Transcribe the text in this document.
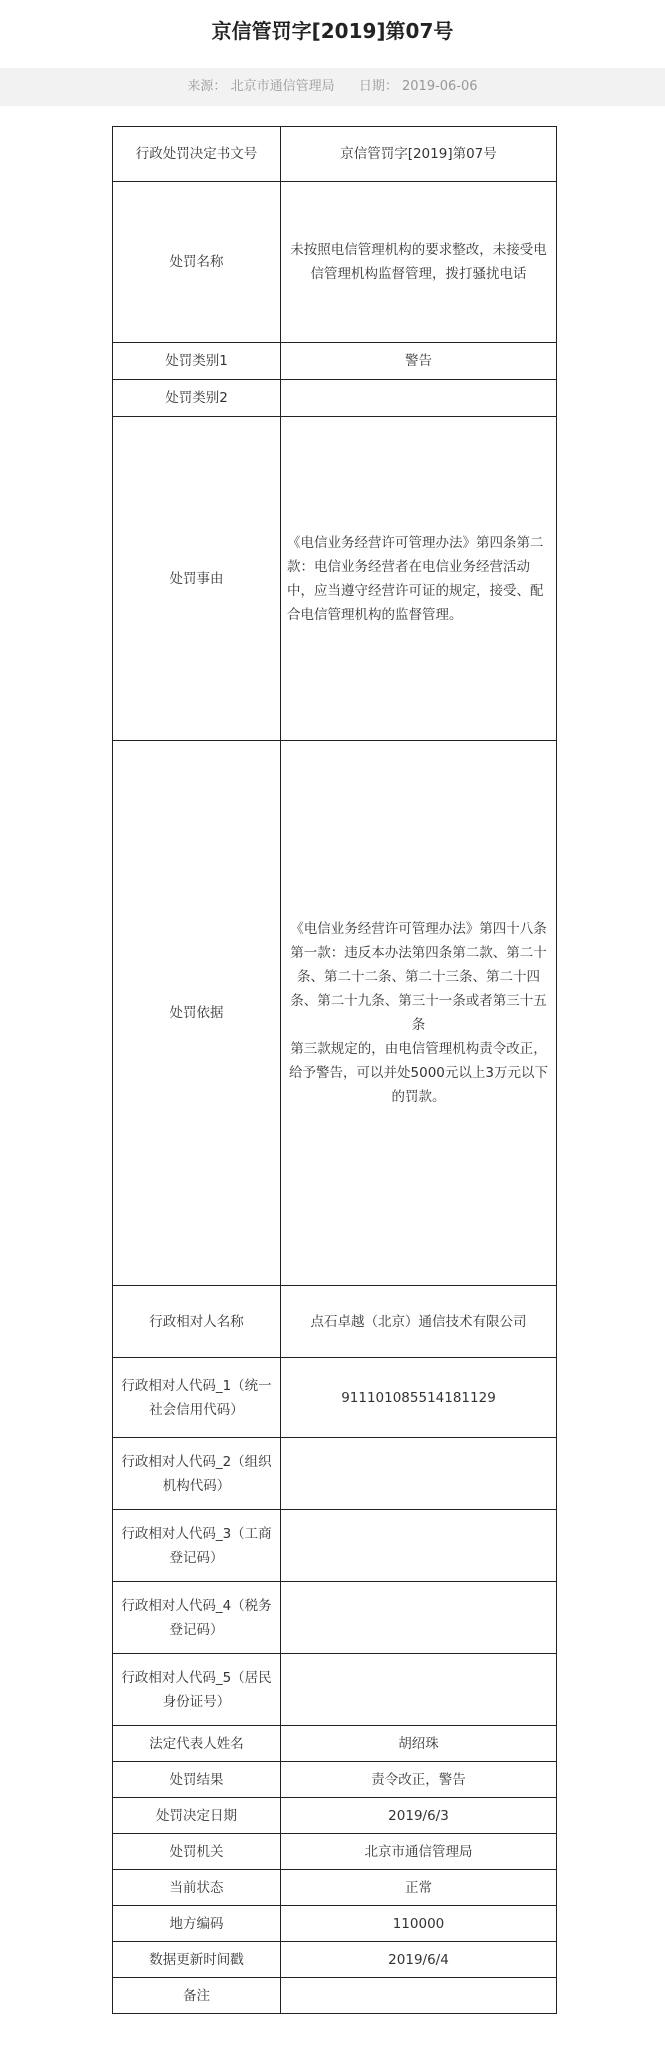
京信管罚字[2019]第07号
来源： 北京市通信管理局 日期： 2019-06-06
行政处罚决定书文号	京信管罚字[2019]第07号
处罚名称	未按照电信管理机构的要求整改，未接受电信管理机构监督管理，拨打骚扰电话
处罚类别1	警告
处罚类别2	
处罚事由	《电信业务经营许可管理办法》第四条第二款：电信业务经营者在电信业务经营活动中，应当遵守经营许可证的规定，接受、配合电信管理机构的监督管理。
处罚依据	《电信业务经营许可管理办法》第四十八条第一款：违反本办法第四条第二款、第二十条、第二十二条、第二十三条、第二十四条、第二十九条、第三十一条或者第三十五条
第三款规定的，由电信管理机构责令改正，给予警告，可以并处5000元以上3万元以下的罚款。

行政相对人名称	点石卓越（北京）通信技术有限公司
行政相对人代码_1（统一社会信用代码）	911101085514181129
行政相对人代码_2（组织机构代码）	
行政相对人代码_3（工商登记码）	
行政相对人代码_4（税务登记码）	
行政相对人代码_5（居民身份证号）	
法定代表人姓名	胡绍珠
处罚结果	责令改正，警告
处罚决定日期	2019/6/3
处罚机关	北京市通信管理局
当前状态	正常
地方编码	110000
数据更新时间戳	2019/6/4
备注	
